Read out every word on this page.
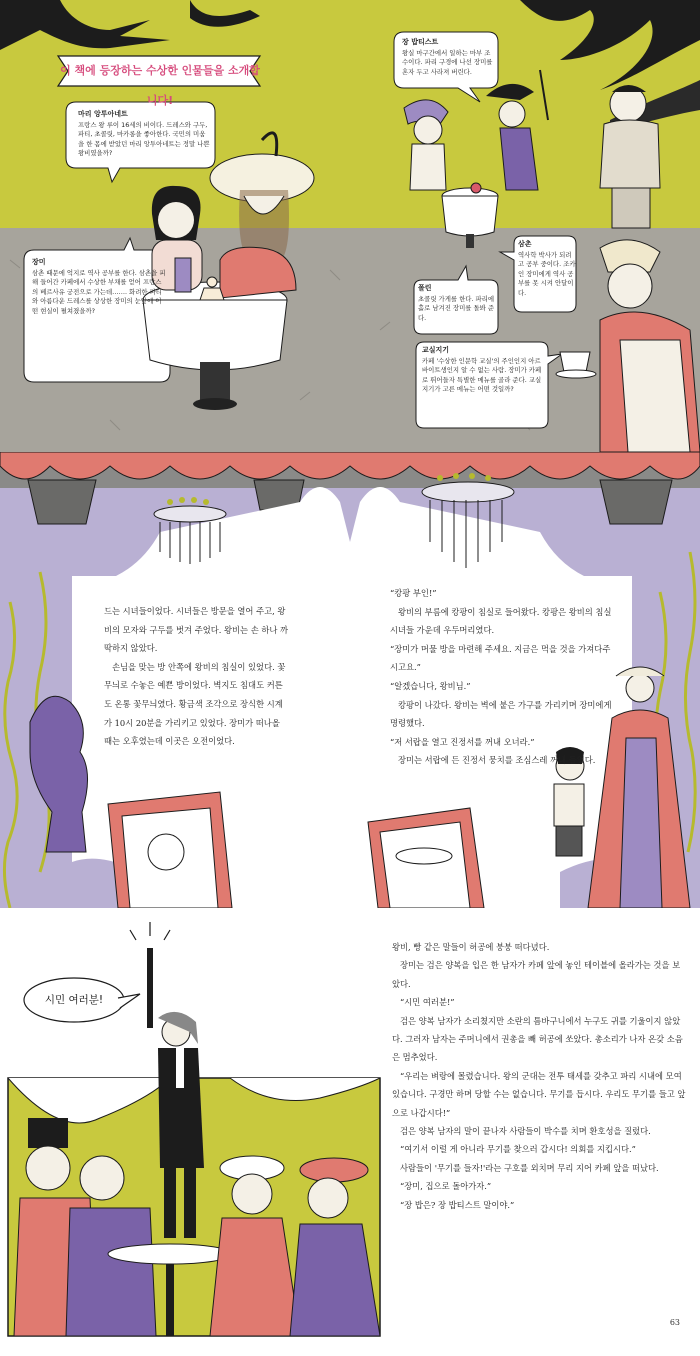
이 책에 등장하는 수상한 인물들을 소개합니다!
마리 앙투아네트
프랑스 왕 루이 16세의 비이다. 드레스와 구두, 파티, 초콜릿, 마카롱을 좋아한다. 국민의 미움을 한 몸에 받았던 마리 앙투아네트는 정말 나쁜 왕비였을까?
장미
삼촌 때문에 억지로 역사 공부를 한다. 삼촌을 피해 들어간 카페에서 수상한 부채를 얻어 프랑스의 베르사유 궁전으로 가는데……. 화려한 파티와 아름다운 드레스를 상상한 장미의 눈앞에 어떤 현실이 펼쳐졌을까?
장 밥티스트
왕실 마구간에서 일하는 마부 조수이다. 파리 구경에 나선 장미를 혼자 두고 사라져 버린다.
삼촌
역사학 박사가 되려고 공부 중이다. 조카인 장미에게 역사 공부를 못 시켜 안달이다.
폴린
초콜릿 가게를 한다. 파리에 홀로 남겨진 장미를 돌봐 준다.
교실지기
카페 '수상한 인문학 교실'의 주인인지 아르바이트생인지 알 수 없는 사람. 장미가 카페로 뛰어들자 특별한 메뉴를 골라 준다. 교실지기가 고른 메뉴는 어떤 것일까?

드는 시녀들이었다. 시녀들은 방문을 열어 주고, 왕비의 모자와 구두를 벗겨 주었다. 왕비는 손 하나 까딱하지 않았다.

손님을 맞는 방 안쪽에 왕비의 침실이 있었다. 꽃무늬로 수놓은 예쁜 방이었다. 벽지도 침대도 커튼도 온통 꽃무늬였다. 황금색 조각으로 장식한 시계가 10시 20분을 가리키고 있었다. 장미가 떠나올 때는 오후였는데 이곳은 오전이었다.

“캉팡 부인!”

왕비의 부름에 캉팡이 침실로 들어왔다. 캉팡은 왕비의 침실 시녀들 가운데 우두머리였다.

“장미가 머물 방을 마련해 주세요. 지금은 먹을 것을 가져다주시고요.”

“알겠습니다, 왕비님.”

캉팡이 나갔다. 왕비는 벽에 붙은 가구를 가리키며 장미에게 명령했다.

“저 서랍을 열고 진정서를 꺼내 오너라.”

장미는 서랍에 든 진정서 뭉치를 조심스레 꺼내 들었다.

시민 여러분!

왕비, 빵 같은 말들이 허공에 붕붕 떠다녔다.

장미는 검은 양복을 입은 한 남자가 카페 앞에 놓인 테이블에 올라가는 것을 보았다.

“시민 여러분!”

검은 양복 남자가 소리쳤지만 소란의 틈바구니에서 누구도 귀를 기울이지 않았다. 그러자 남자는 주머니에서 권총을 빼 허공에 쏘았다. 총소리가 나자 온갖 소음은 멈추었다.

“우리는 벼랑에 몰렸습니다. 왕의 군대는 전투 태세를 갖추고 파리 시내에 모여 있습니다. 구경만 하며 당할 수는 없습니다. 무기를 듭시다. 우리도 무기를 들고 앞으로 나갑시다!”

검은 양복 남자의 말이 끝나자 사람들이 박수를 치며 환호성을 질렀다.

“여기서 이럴 게 아니라 무기를 찾으러 갑시다! 의회를 지킵시다.”

사람들이 '무기를 들자!'라는 구호를 외치며 무리 지어 카페 앞을 떠났다.

“장미, 집으로 돌아가자.”

“장 밥은? 장 밥티스트 말이야.”

63
